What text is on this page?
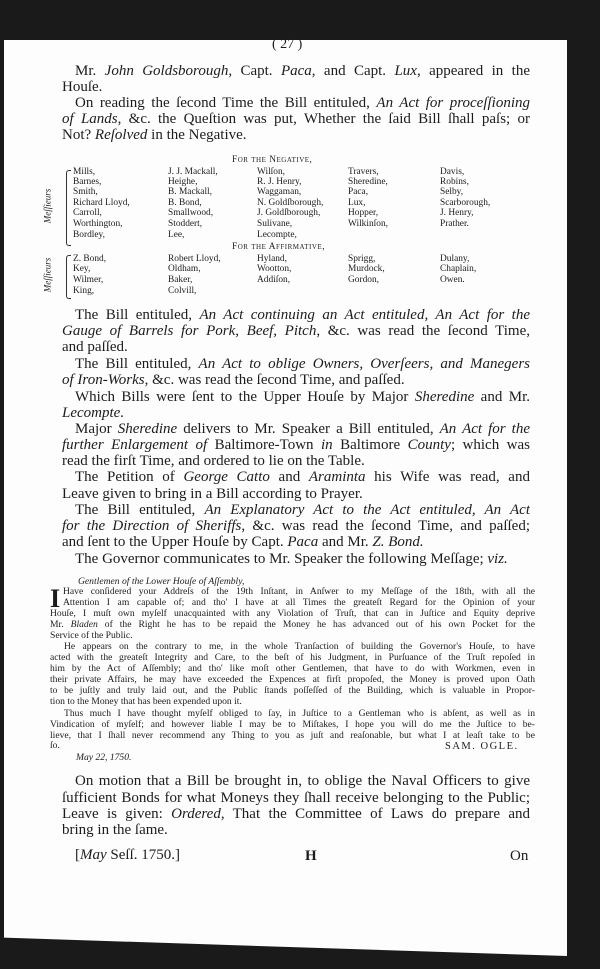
( 27 )
Mr. John Goldsborough, Capt. Paca, and Capt. Lux, appeared in the
Houſe.
On reading the ſecond Time the Bill entituled, An Act for proceſſioning
of Lands, &c. the Queſtion was put, Whether the ſaid Bill ſhall paſs; or
Not? Reſolved in the Negative.
The Bill entituled, An Act continuing an Act entituled, An Act for the
Gauge of Barrels for Pork, Beef, Pitch, &c. was read the ſecond Time,
and paſſed.
The Bill entituled, An Act to oblige Owners, Overſeers, and Manegers
of Iron-Works, &c. was read the ſecond Time, and paſſed.
Which Bills were ſent to the Upper Houſe by Major Sheredine and Mr.
Lecompte.
Major Sheredine delivers to Mr. Speaker a Bill entituled, An Act for the
further Enlargement of Baltimore-Town in Baltimore County; which was
read the firſt Time, and ordered to lie on the Table.
The Petition of George Catto and Araminta his Wife was read, and
Leave given to bring in a Bill according to Prayer.
The Bill entituled, An Explanatory Act to the Act entituled, An Act
for the Direction of Sheriffs, &c. was read the ſecond Time, and paſſed;
and ſent to the Upper Houſe by Capt. Paca and Mr. Z. Bond.
The Governor communicates to Mr. Speaker the following Meſſage; viz.
On motion that a Bill be brought in, to oblige the Naval Officers to give
ſufficient Bonds for what Moneys they ſhall receive belonging to the Public;
Leave is given: Ordered, That the Committee of Laws do prepare and
bring in the ſame.
[May Seſſ. 1750.]
Have conſidered your Addreſs of the 19th Inſtant, in Anſwer to my Meſſage of the 18th, with all the
Attention I am capable of; and tho' I have at all Times the greateſt Regard for the Opinion of your
Houſe, I muſt own myſelf unacquainted with any Violation of Truſt, that can in Juſtice and Equity deprive
Mr. Bladen of the Right he has to be repaid the Money he has advanced out of his own Pocket for the
Service of the Public.
He appears on the contrary to me, in the whole Tranſaction of building the Governor's Houſe, to have
acted with the greateſt Integrity and Care, to the beſt of his Judgment, in Purſuance of the Truſt repoſed in
him by the Act of Aſſembly; and tho' like moſt other Gentlemen, that have to do with Workmen, even in
their private Affairs, he may have exceeded the Expences at firſt propoſed, the Money is proved upon Oath
to be juſtly and truly laid out, and the Public ſtands poſſeſſed of the Building, which is valuable in Propor-
tion to the Money that has been expended upon it.
Thus much I have thought myſelf obliged to ſay, in Juſtice to a Gentleman who is abſent, as well as in
Vindication of myſelf; and however liable I may be to Miſtakes, I hope you will do me the Juſtice to be-
lieve, that I ſhall never recommend any Thing to you as juſt and reaſonable, but what I at leaſt take to be
ſo.
For the Negative,
For the Affirmative,
Meſſieurs
Meſſieurs
Mills,	J. J. Mackall,	Wilſon,	Travers,	Davis,
Barnes,	Heighe,	R. J. Henry,	Sheredine,	Robins,
Smith,	B. Mackall,	Waggaman,	Paca,	Selby,
Richard Lloyd,	B. Bond,	N. Goldſborough,	Lux,	Scarborough,
Carroll,	Smallwood,	J. Goldſborough,	Hopper,	J. Henry,
Worthington,	Stoddert,	Sulivane,	Wilkinſon,	Prather.
Bordley,	Lee,	Lecompte,
Z. Bond,	Robert Lloyd,	Hyland,	Sprigg,	Dulany,
Key,	Oldham,	Wootton,	Murdock,	Chaplain,
Wilmer,	Baker,	Addiſon,	Gordon,	Owen.
King,	Colvill,
I
Gentlemen of the Lower Houſe of Aſſembly,
SAM. OGLE.
May 22, 1750.
H	On
